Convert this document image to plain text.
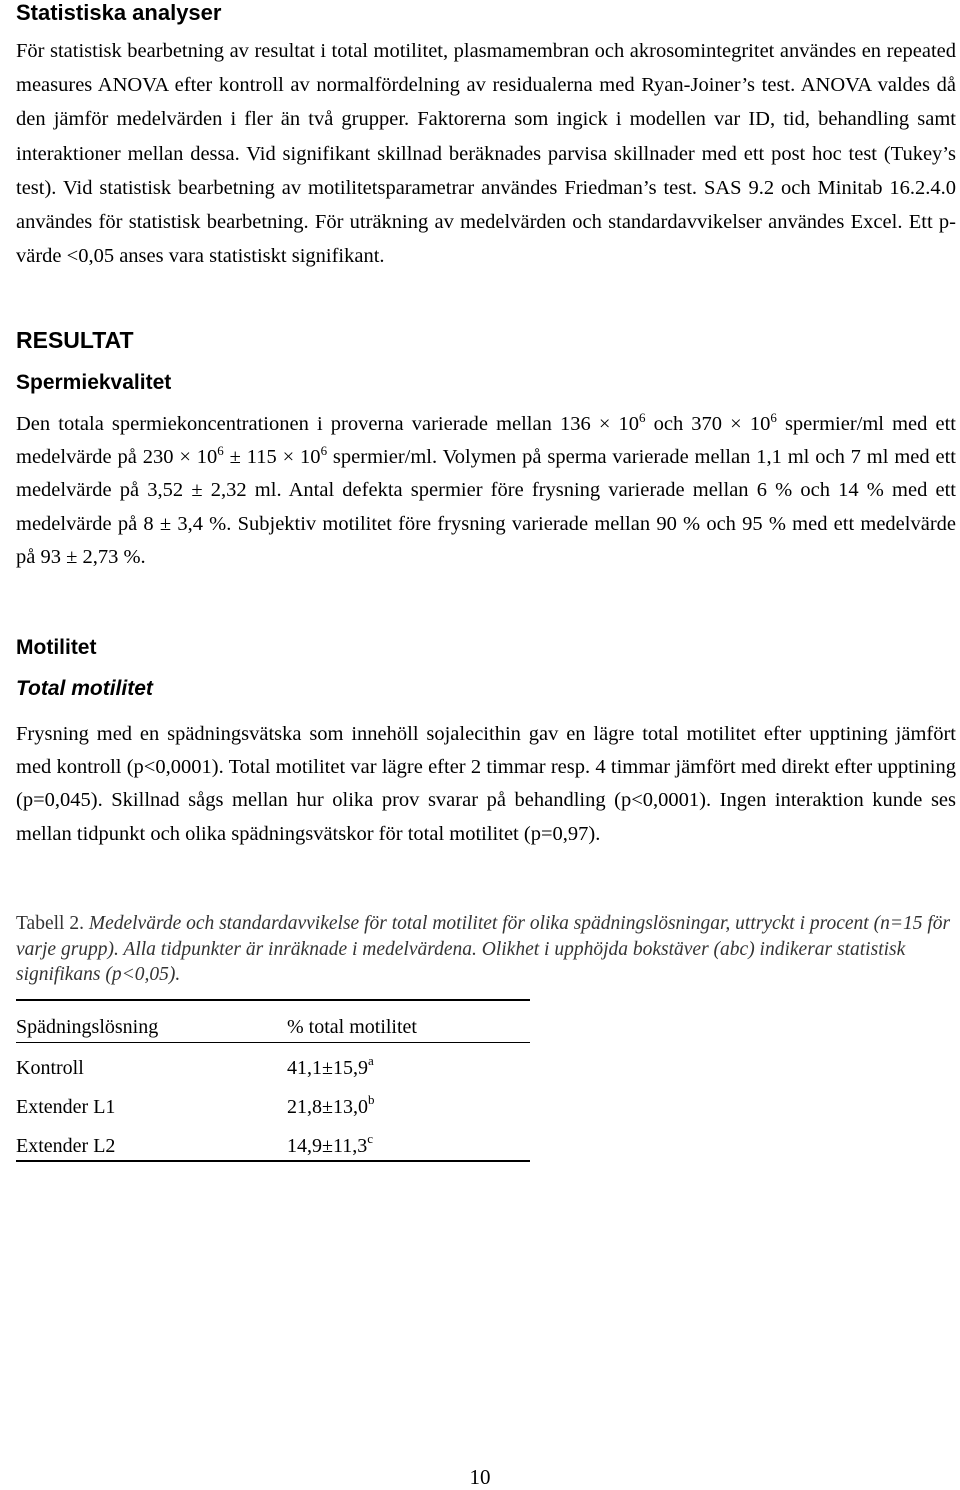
Statistiska analyser

För statistisk bearbetning av resultat i total motilitet, plasmamembran och akrosomintegritet användes en repeated measures ANOVA efter kontroll av normalfördelning av residualerna med Ryan-Joiner’s test. ANOVA valdes då den jämför medelvärden i fler än två grupper. Faktorerna som ingick i modellen var ID, tid, behandling samt interaktioner mellan dessa. Vid signifikant skillnad beräknades parvisa skillnader med ett post hoc test (Tukey’s test). Vid statistisk bearbetning av motilitetsparametrar användes Friedman’s test. SAS 9.2 och Minitab 16.2.4.0 användes för statistisk bearbetning. För uträkning av medelvärden och standardavvikelser användes Excel. Ett p- värde <0,05 anses vara statistiskt signifikant.

RESULTAT
Spermiekvalitet

Den totala spermiekoncentrationen i proverna varierade mellan $136 \times 10^6$ och $370 \times 10^6$ spermier/ml med ett medelvärde på $230 \times 10^6 \pm 115 \times 10^6$ spermier/ml. Volymen på sperma varierade mellan 1,1 ml och 7 ml med ett medelvärde på 3,52 ± 2,32 ml. Antal defekta spermier före frysning varierade mellan 6 % och 14 % med ett medelvärde på 8 ± 3,4 %. Subjektiv motilitet före frysning varierade mellan 90 % och 95 % med ett medelvärde på 93 ± 2,73 %.

Motilitet
Total motilitet

Frysning med en spädningsvätska som innehöll sojalecithin gav en lägre total motilitet efter upptining jämfört med kontroll (p<0,0001). Total motilitet var lägre efter 2 timmar resp. 4 timmar jämfört med direkt efter upptining (p=0,045). Skillnad sågs mellan hur olika prov svarar på behandling (p<0,0001). Ingen interaktion kunde ses mellan tidpunkt och olika spädningsvätskor för total motilitet (p=0,97).

Tabell 2. Medelvärde och standardavvikelse för total motilitet för olika spädningslösningar, uttryckt i procent (n=15 för varje grupp). Alla tidpunkter är inräknade i medelvärdena. Olikhet i upphöjda bokstäver (abc) indikerar statistisk signifikans (p<0,05).

Spädningslösning	% total motilitet
Kontroll	41,1±15,9$^a$
Extender L1	21,8±13,0$^b$
Extender L2	14,9±11,3$^c$
10
